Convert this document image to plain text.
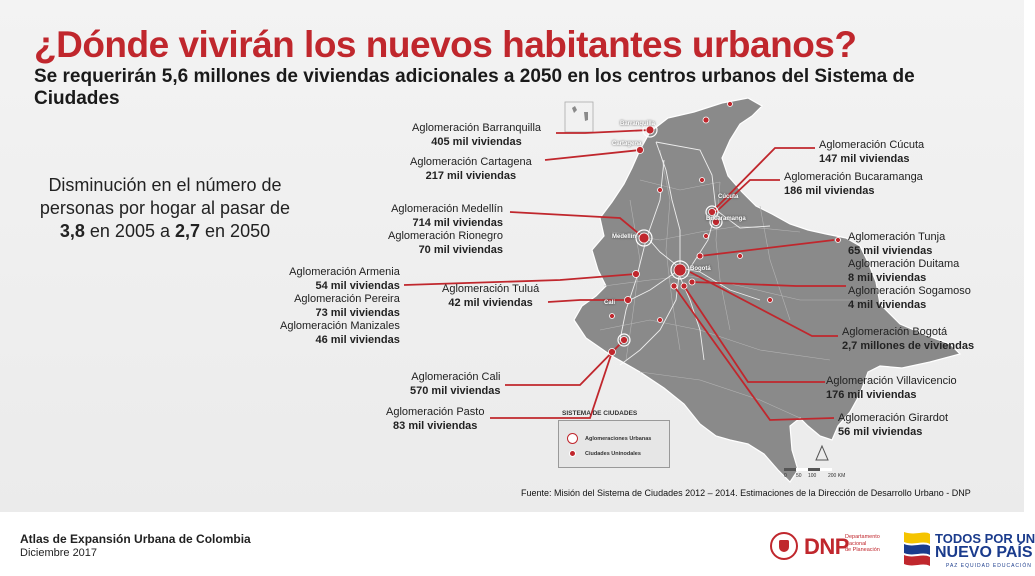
¿Dónde vivirán los nuevos habitantes urbanos?
Se requerirán 5,6 millones de viviendas adicionales a 2050 en los centros urbanos del Sistema de Ciudades
Disminución en el número de personas por hogar al pasar de 3,8 en 2005 a 2,7 en 2050
Aglomeración Barranquilla
405 mil viviendas
Aglomeración Cartagena
217 mil viviendas
Aglomeración Medellín
714 mil viviendas
Aglomeración Rionegro
70 mil viviendas
Aglomeración Armenia
54 mil viviendas
Aglomeración Pereira
73 mil viviendas
Aglomeración Manizales
46 mil viviendas
Aglomeración Tuluá
42 mil viviendas
Aglomeración Cali
570 mil viviendas
Aglomeración Pasto
83 mil viviendas
Aglomeración Cúcuta
147 mil viviendas
Aglomeración Bucaramanga
186 mil viviendas
Aglomeración Tunja
65 mil viviendas
Aglomeración Duitama
8 mil viviendas
Aglomeración Sogamoso
4 mil viviendas
Aglomeración Bogotá
2,7 millones de viviendas
Aglomeración Villavicencio
176 mil viviendas
Aglomeración Girardot
56 mil viviendas
Barranquilla
Cartagena
Cúcuta
Bucaramanga
Medellín
Bogotá
Cali
SISTEMA DE CIUDADES
Aglomeraciones Urbanas
Ciudades Uninodales
0 50 100 200 KM
Fuente: Misión del Sistema de Ciudades 2012 – 2014. Estimaciones de la Dirección de Desarrollo Urbano - DNP
Atlas de Expansión Urbana de Colombia
Diciembre 2017	DNP
Departamento
Nacional
de Planeación
TODOS POR UN
NUEVO PAÍS
PAZ EQUIDAD EDUCACIÓN
